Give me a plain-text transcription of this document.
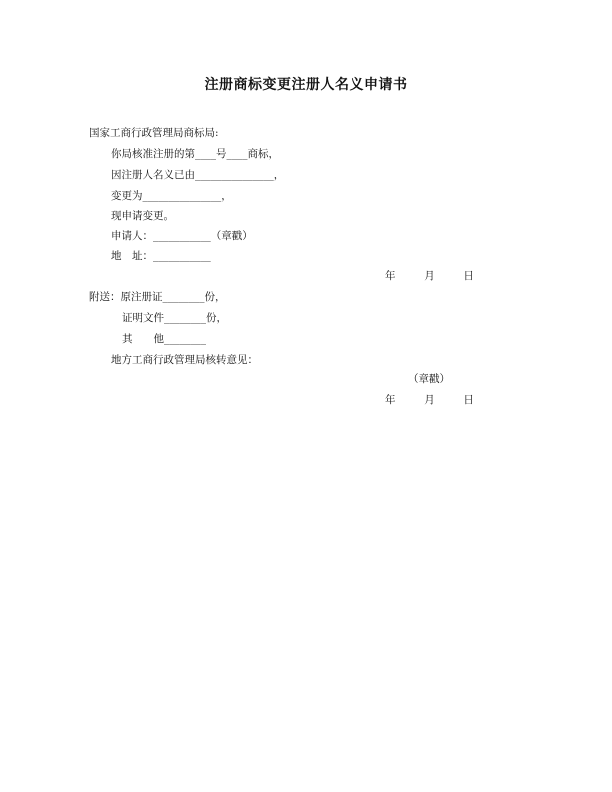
注册商标变更注册人名义申请书
国家工商行政管理局商标局:
你局核准注册的第____号____商标，
因注册人名义已由_______________，
变更为_______________，
现申请变更。
申请人：___________（章戳）
地　址：___________
年	月	日
附送：原注册证________份，
证明文件________份，
其　　他________
地方工商行政管理局核转意见：
（章戳）
年	月	日
